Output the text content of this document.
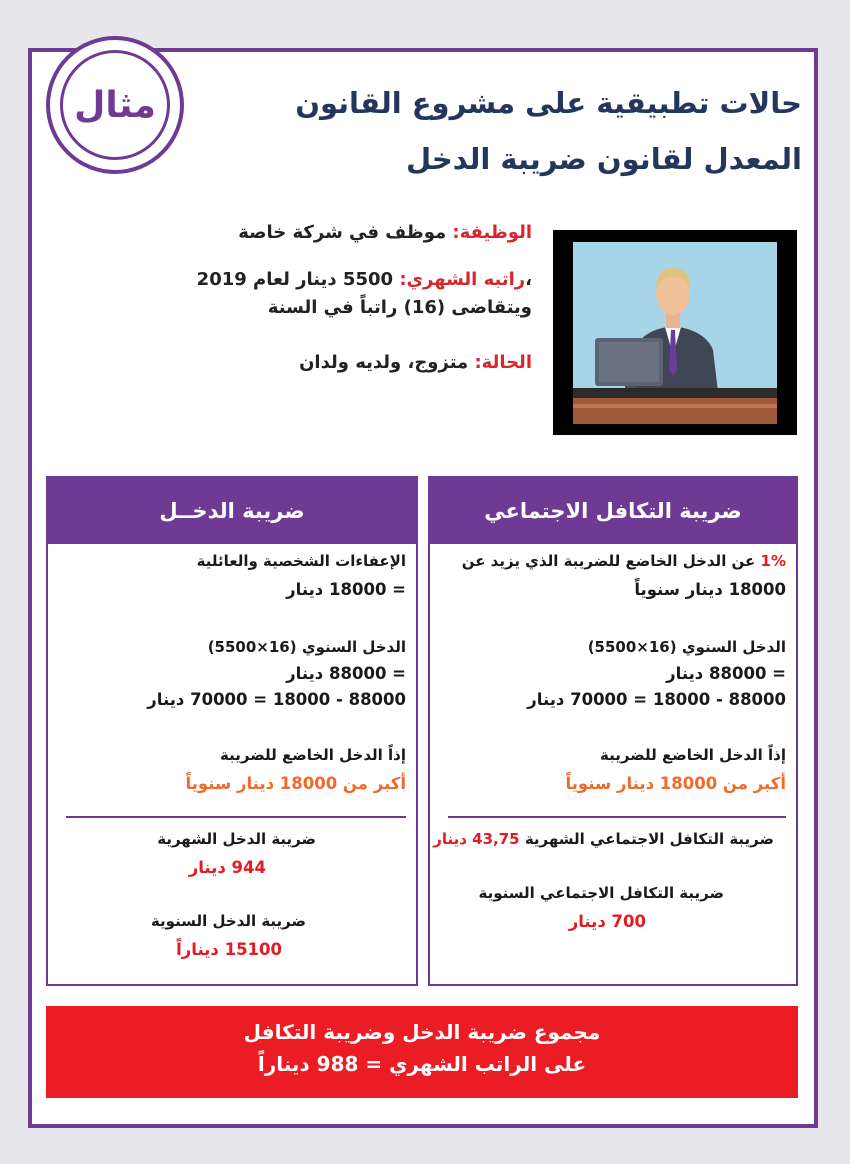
مثال	حالات تطبيقية على مشروع القانون
المعدل لقانون ضريبة الدخل
الوظيفة: موظف في شركة خاصة
،راتبه الشهري: 5500 دينار لعام 2019
ويتقاضى (16) راتباً في السنة
الحالة: متزوج، ولديه ولدان
ضريبة الدخــل
الإعفاءات الشخصية والعائلية
= 18000 دينار
الدخل السنوي (16×5500)
= 88000 دينار
88000 - 18000 = 70000 دينار
إذاً الدخل الخاضع للضريبة
أكبر من 18000 دينار سنوياً
ضريبة الدخل الشهرية
944 دينار
ضريبة الدخل السنوية
15100 ديناراً
ضريبة التكافل الاجتماعي
1% عن الدخل الخاضع للضريبة الذي يزيد عن
18000 دينار سنوياً
الدخل السنوي (16×5500)
= 88000 دينار
88000 - 18000 = 70000 دينار
إذاً الدخل الخاضع للضريبة
أكبر من 18000 دينار سنوياً
ضريبة التكافل الاجتماعي الشهرية 43,75 دينار
ضريبة التكافل الاجتماعي السنوية
700 دينار
مجموع ضريبة الدخل وضريبة التكافل
على الراتب الشهري = 988 ديناراً
